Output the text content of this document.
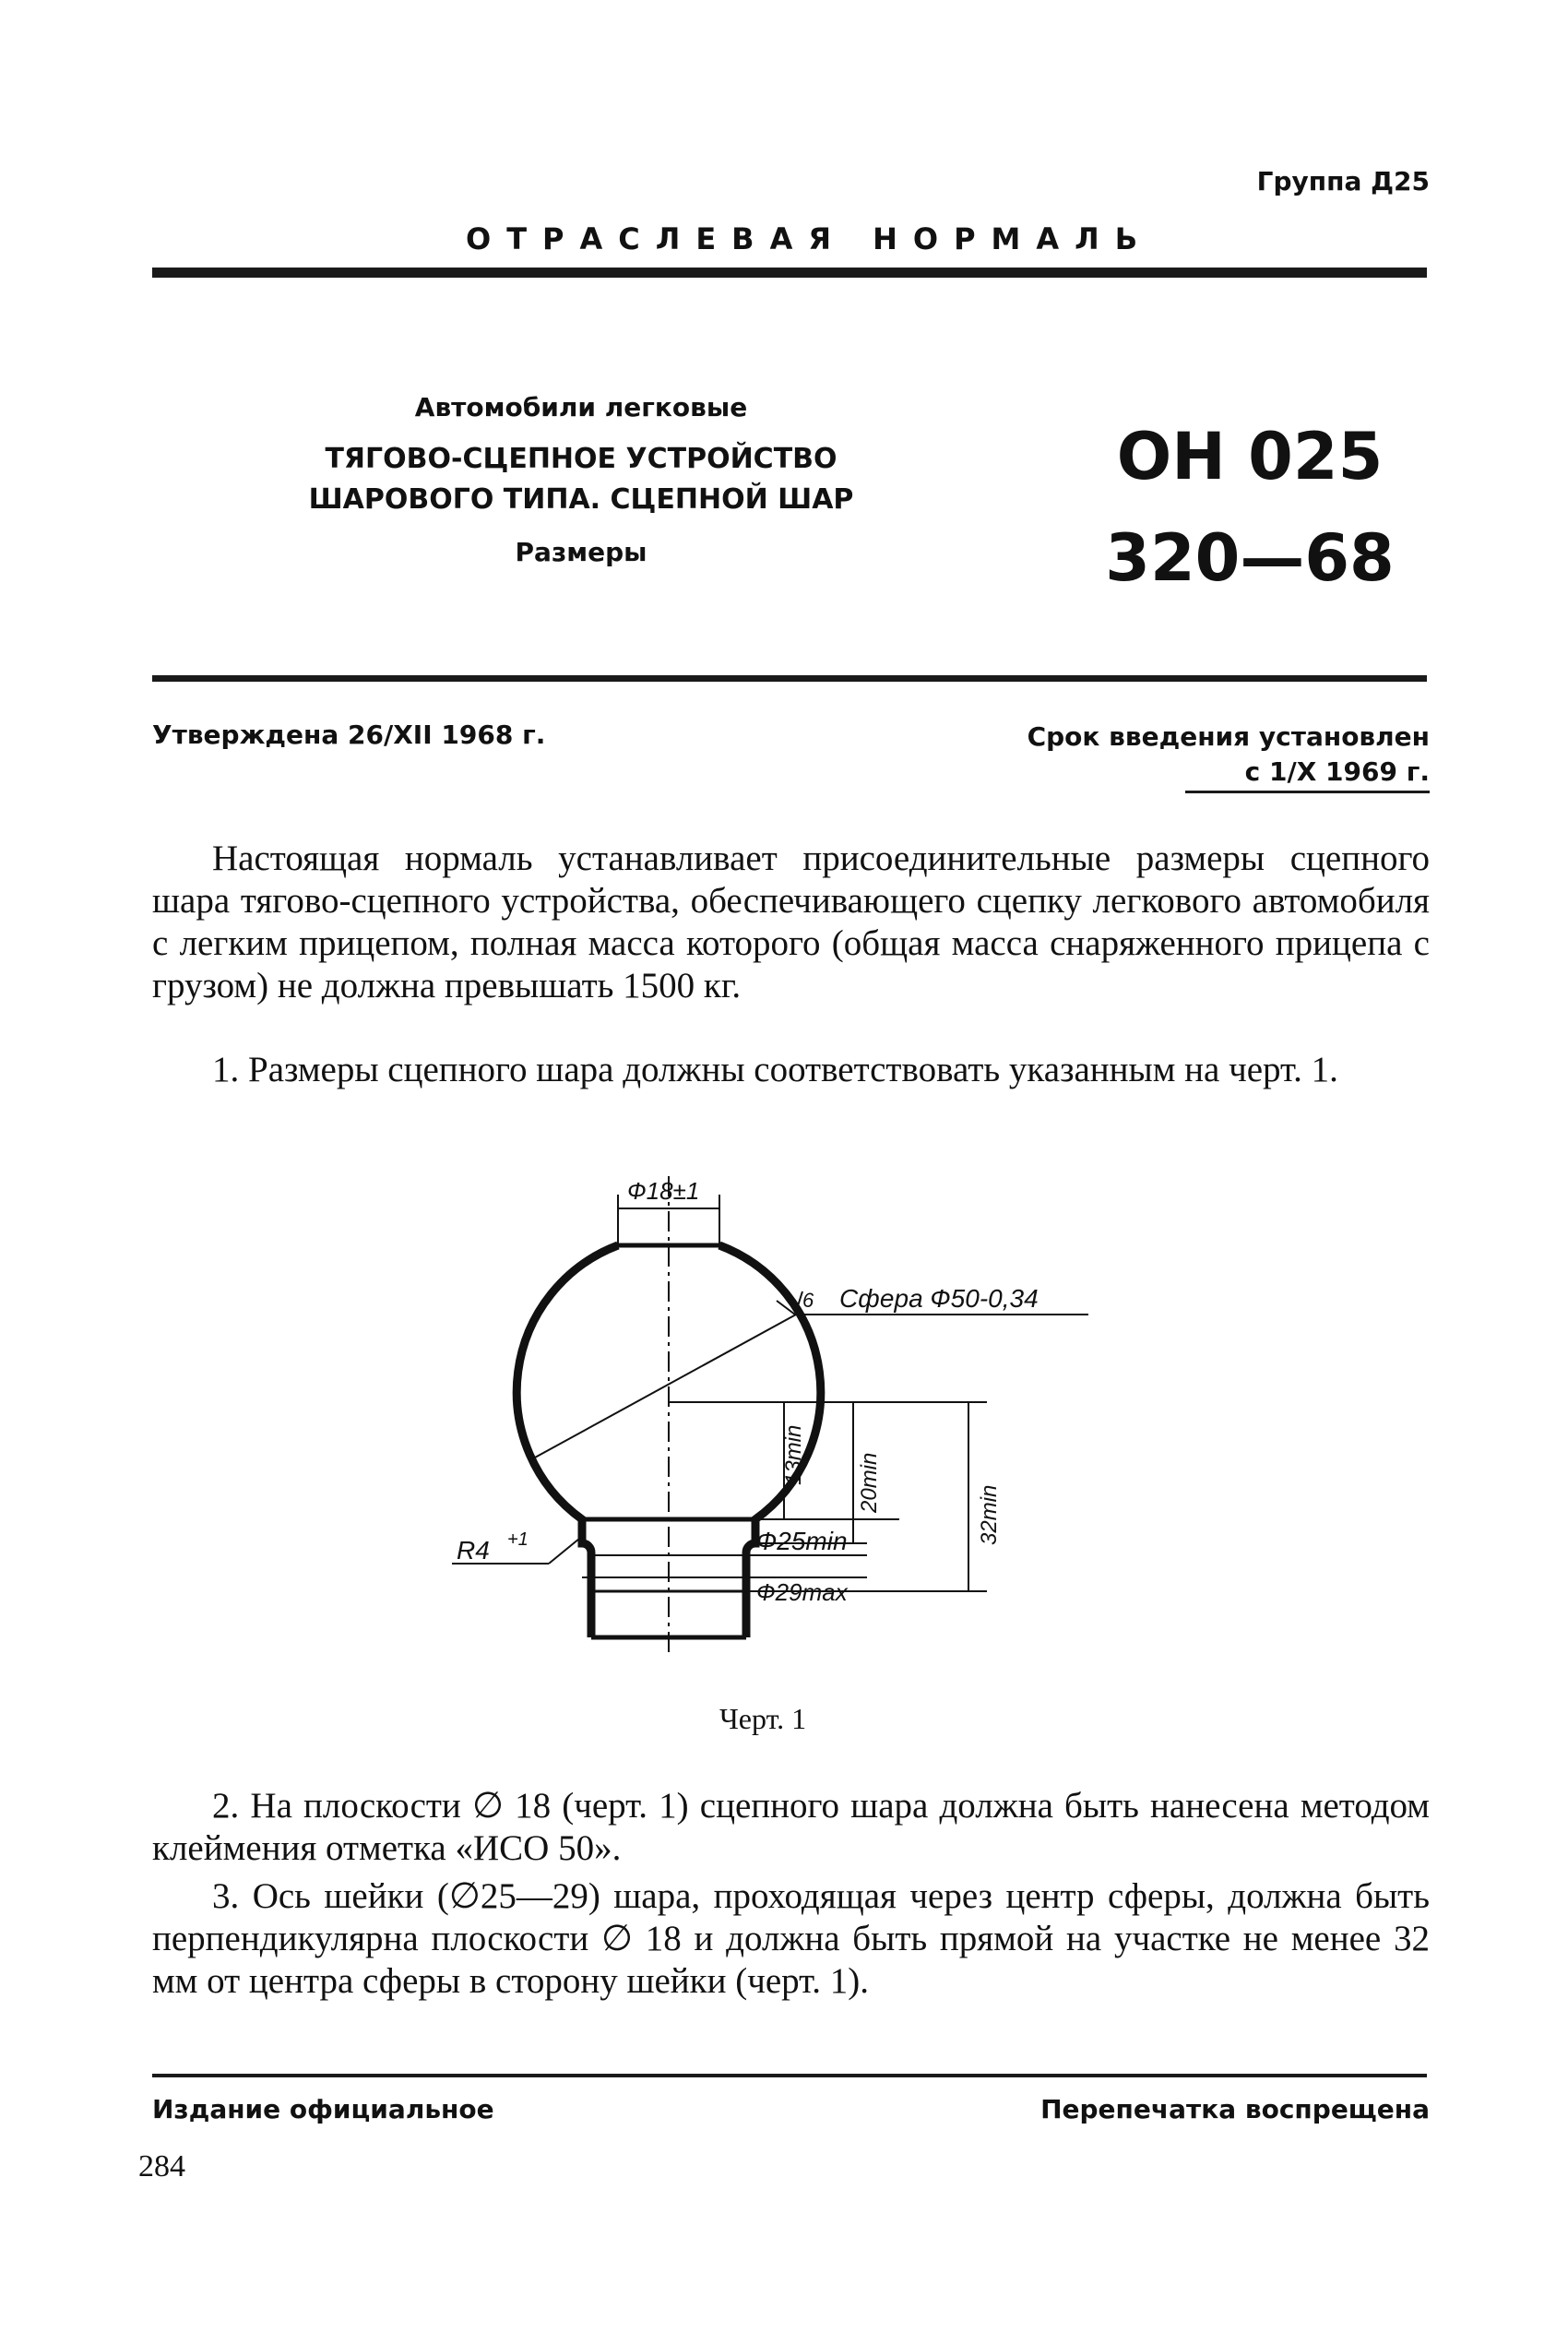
Группа Д25
ОТРАСЛЕВАЯ НОРМАЛЬ
Автомобили легковые
ТЯГОВО-СЦЕПНОЕ УСТРОЙСТВО
ШАРОВОГО ТИПА. СЦЕПНОЙ ШАР
Размеры
ОН 025
320—68
Утверждена 26/XII 1968 г.	Срок введения установлен
с 1/X 1969 г.

Настоящая нормаль устанавливает присоединительные размеры сцепного шара тягово-сцепного устройства, обеспечивающего сцепку легкового автомобиля с легким прицепом, полная масса которого (общая масса снаряженного прицепа с грузом) не должна превышать 1500 кг.

1. Размеры сцепного шара должны соответствовать указанным на черт. 1.

Ф18±1
6 Сфера Ф50-0,34
13min 20min
32min
R4 +1	Ф25min
Ф29max
Черт. 1

2. На плоскости ∅ 18 (черт. 1) сцепного шара должна быть нанесена методом клеймения отметка «ИСО 50».

3. Ось шейки (∅25—29) шара, проходящая через центр сферы, должна быть перпендикулярна плоскости ∅ 18 и должна быть прямой на участке не менее 32 мм от центра сферы в сторону шейки (черт. 1).

Издание официальное	Перепечатка воспрещена
284
